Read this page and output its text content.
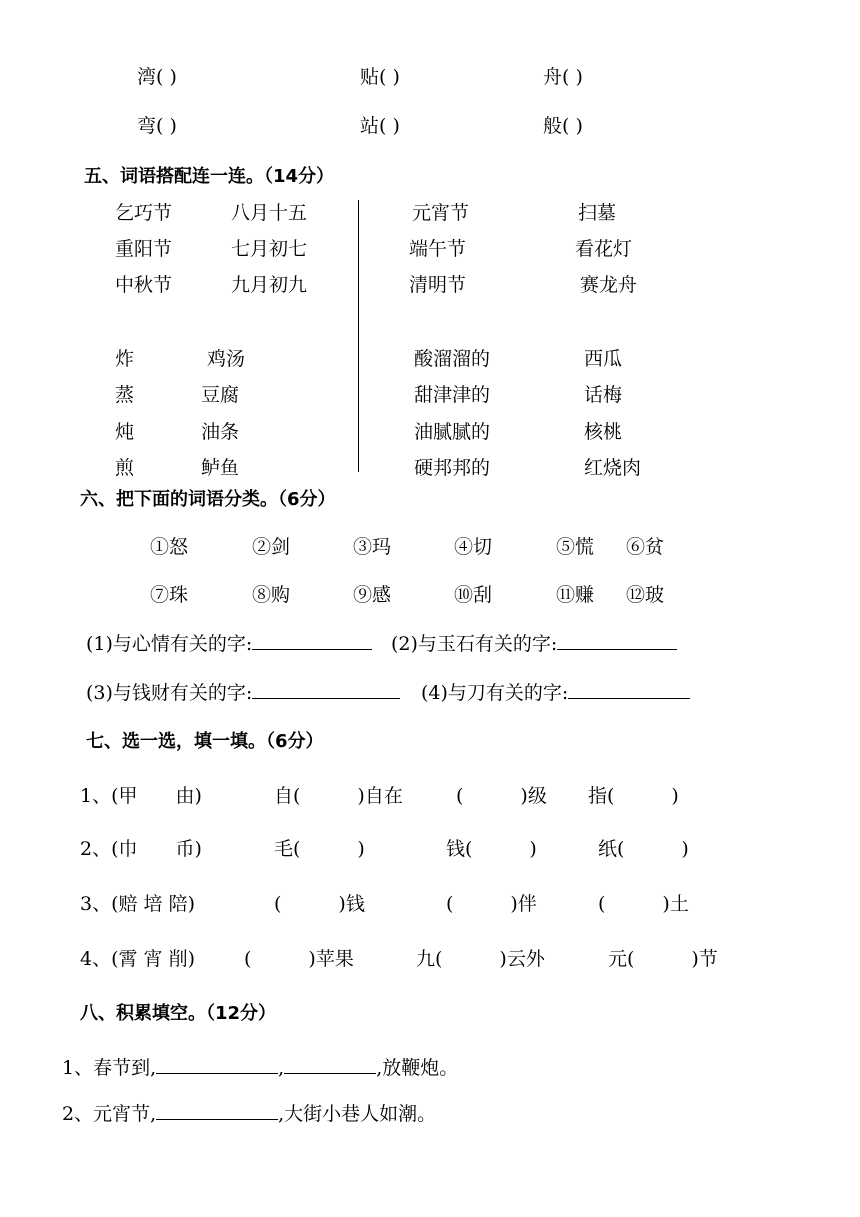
湾( )	贴( )	舟( )
弯( )	站( )	般( )
五、词语搭配连一连。（14分）
乞巧节	八月十五
重阳节	七月初七
中秋节	九月初九
元宵节	扫墓
端午节	看花灯
清明节	赛龙舟
炸	鸡汤
蒸	豆腐
炖	油条
煎	鲈鱼
酸溜溜的	西瓜
甜津津的	话梅
油腻腻的	核桃
硬邦邦的	红烧肉
六、把下面的词语分类。（6分）
①怒	②剑	③玛	④切	⑤慌 ⑥贫
⑦珠	⑧购	⑨感	⑩刮	⑪赚 ⑫玻
(1)与心情有关的字:	(2)与玉石有关的字:
(3)与钱财有关的字:	(4)与刀有关的字:
七、选一选，填一填。（6分）
1、(甲　　由)	自(　　　)自在	(　　　)级 指(　　　)
2、(巾　　币)	毛(　　　)	钱(　　　)	纸(　　　)
3、(赔 培 陪)	(　　　)钱	(　　　)伴	(　　　)土
4、(霄 宵 削)	(　　　)苹果	九(　　　)云外	元(　　　)节
八、积累填空。（12分）
1、春节到,	,	,放鞭炮。
2、元宵节,	,大街小巷人如潮。
